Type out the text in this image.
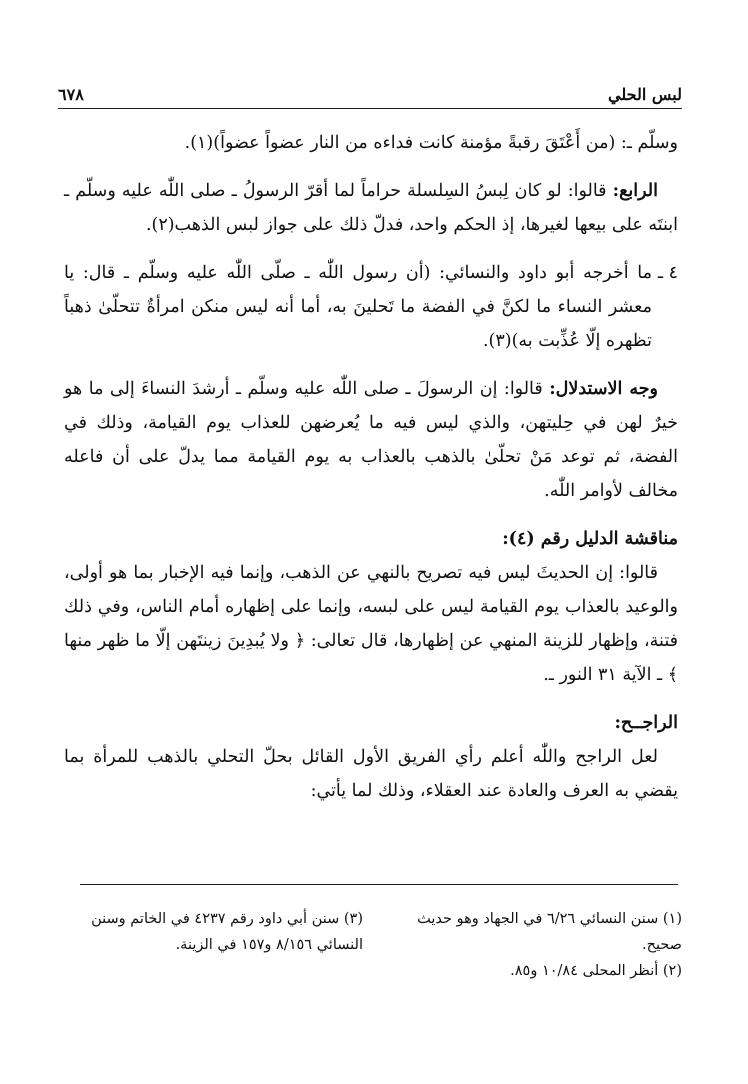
لبس الحلي
٦٧٨

وسلّم ـ: (من أَعْتَقَ رقبةً مؤمنة كانت فداءه من النار عضواً عضواً)(١).

الرابع: قالوا: لو كان لِبسُ السِلسلة حراماً لما أقرّ الرسولُ ـ صلى اللّٰه عليه وسلّم ـ ابنتَه على بيعها لغيرها، إذ الحكم واحد، فدلّ ذلك على جواز لبس الذهب(٢).

٤ ـ
ما أخرجه أبو داود والنسائي: (أن رسول اللّٰه ـ صلّى اللّٰه عليه وسلّم ـ قال: يا معشر النساء ما لكنَّ في الفضة ما تَحلينَ به، أما أنه ليس منكن امرأةٌ تتحلّىٰ ذهباً تظهره إلّا عُذِّبت به)(٣).

وجه الاستدلال: قالوا: إن الرسولَ ـ صلى اللّٰه عليه وسلّم ـ أرشدَ النساءَ إلى ما هو خيرٌ لهن في حِليتهن، والذي ليس فيه ما يُعرضهن للعذاب يوم القيامة، وذلك في الفضة، ثم توعد مَنْ تحلّىٰ بالذهب بالعذاب به يوم القيامة مما يدلّ على أن فاعله مخالف لأوامر اللّٰه.

مناقشة الدليل رقم (٤):

قالوا: إن الحديثَ ليس فيه تصريح بالنهي عن الذهب، وإنما فيه الإخبار بما هو أولى، والوعيد بالعذاب يوم القيامة ليس على لبسه، وإنما على إظهاره أمام الناس، وفي ذلك فتنة، وإظهار للزينة المنهي عن إظهارها، قال تعالى: ﴿ ولا يُبدِينَ زينتَهن إلّا ما ظهر منها ﴾ ـ الآية ٣١ النور ـ.

الراجــح:

لعل الراجح واللّٰه أعلم رأي الفريق الأول القائل بحلّ التحلي بالذهب للمرأة بما يقضي به العرف والعادة عند العقلاء، وذلك لما يأتي:

(١) سنن النسائي ٦/٢٦ في الجهاد وهو حديث صحيح.

(٢) أنظر المحلى ١٠/٨٤ و٨٥.

(٣) سنن أبي داود رقم ٤٢٣٧ في الخاتم وسنن النسائي ٨/١٥٦ و١٥٧ في الزينة.
